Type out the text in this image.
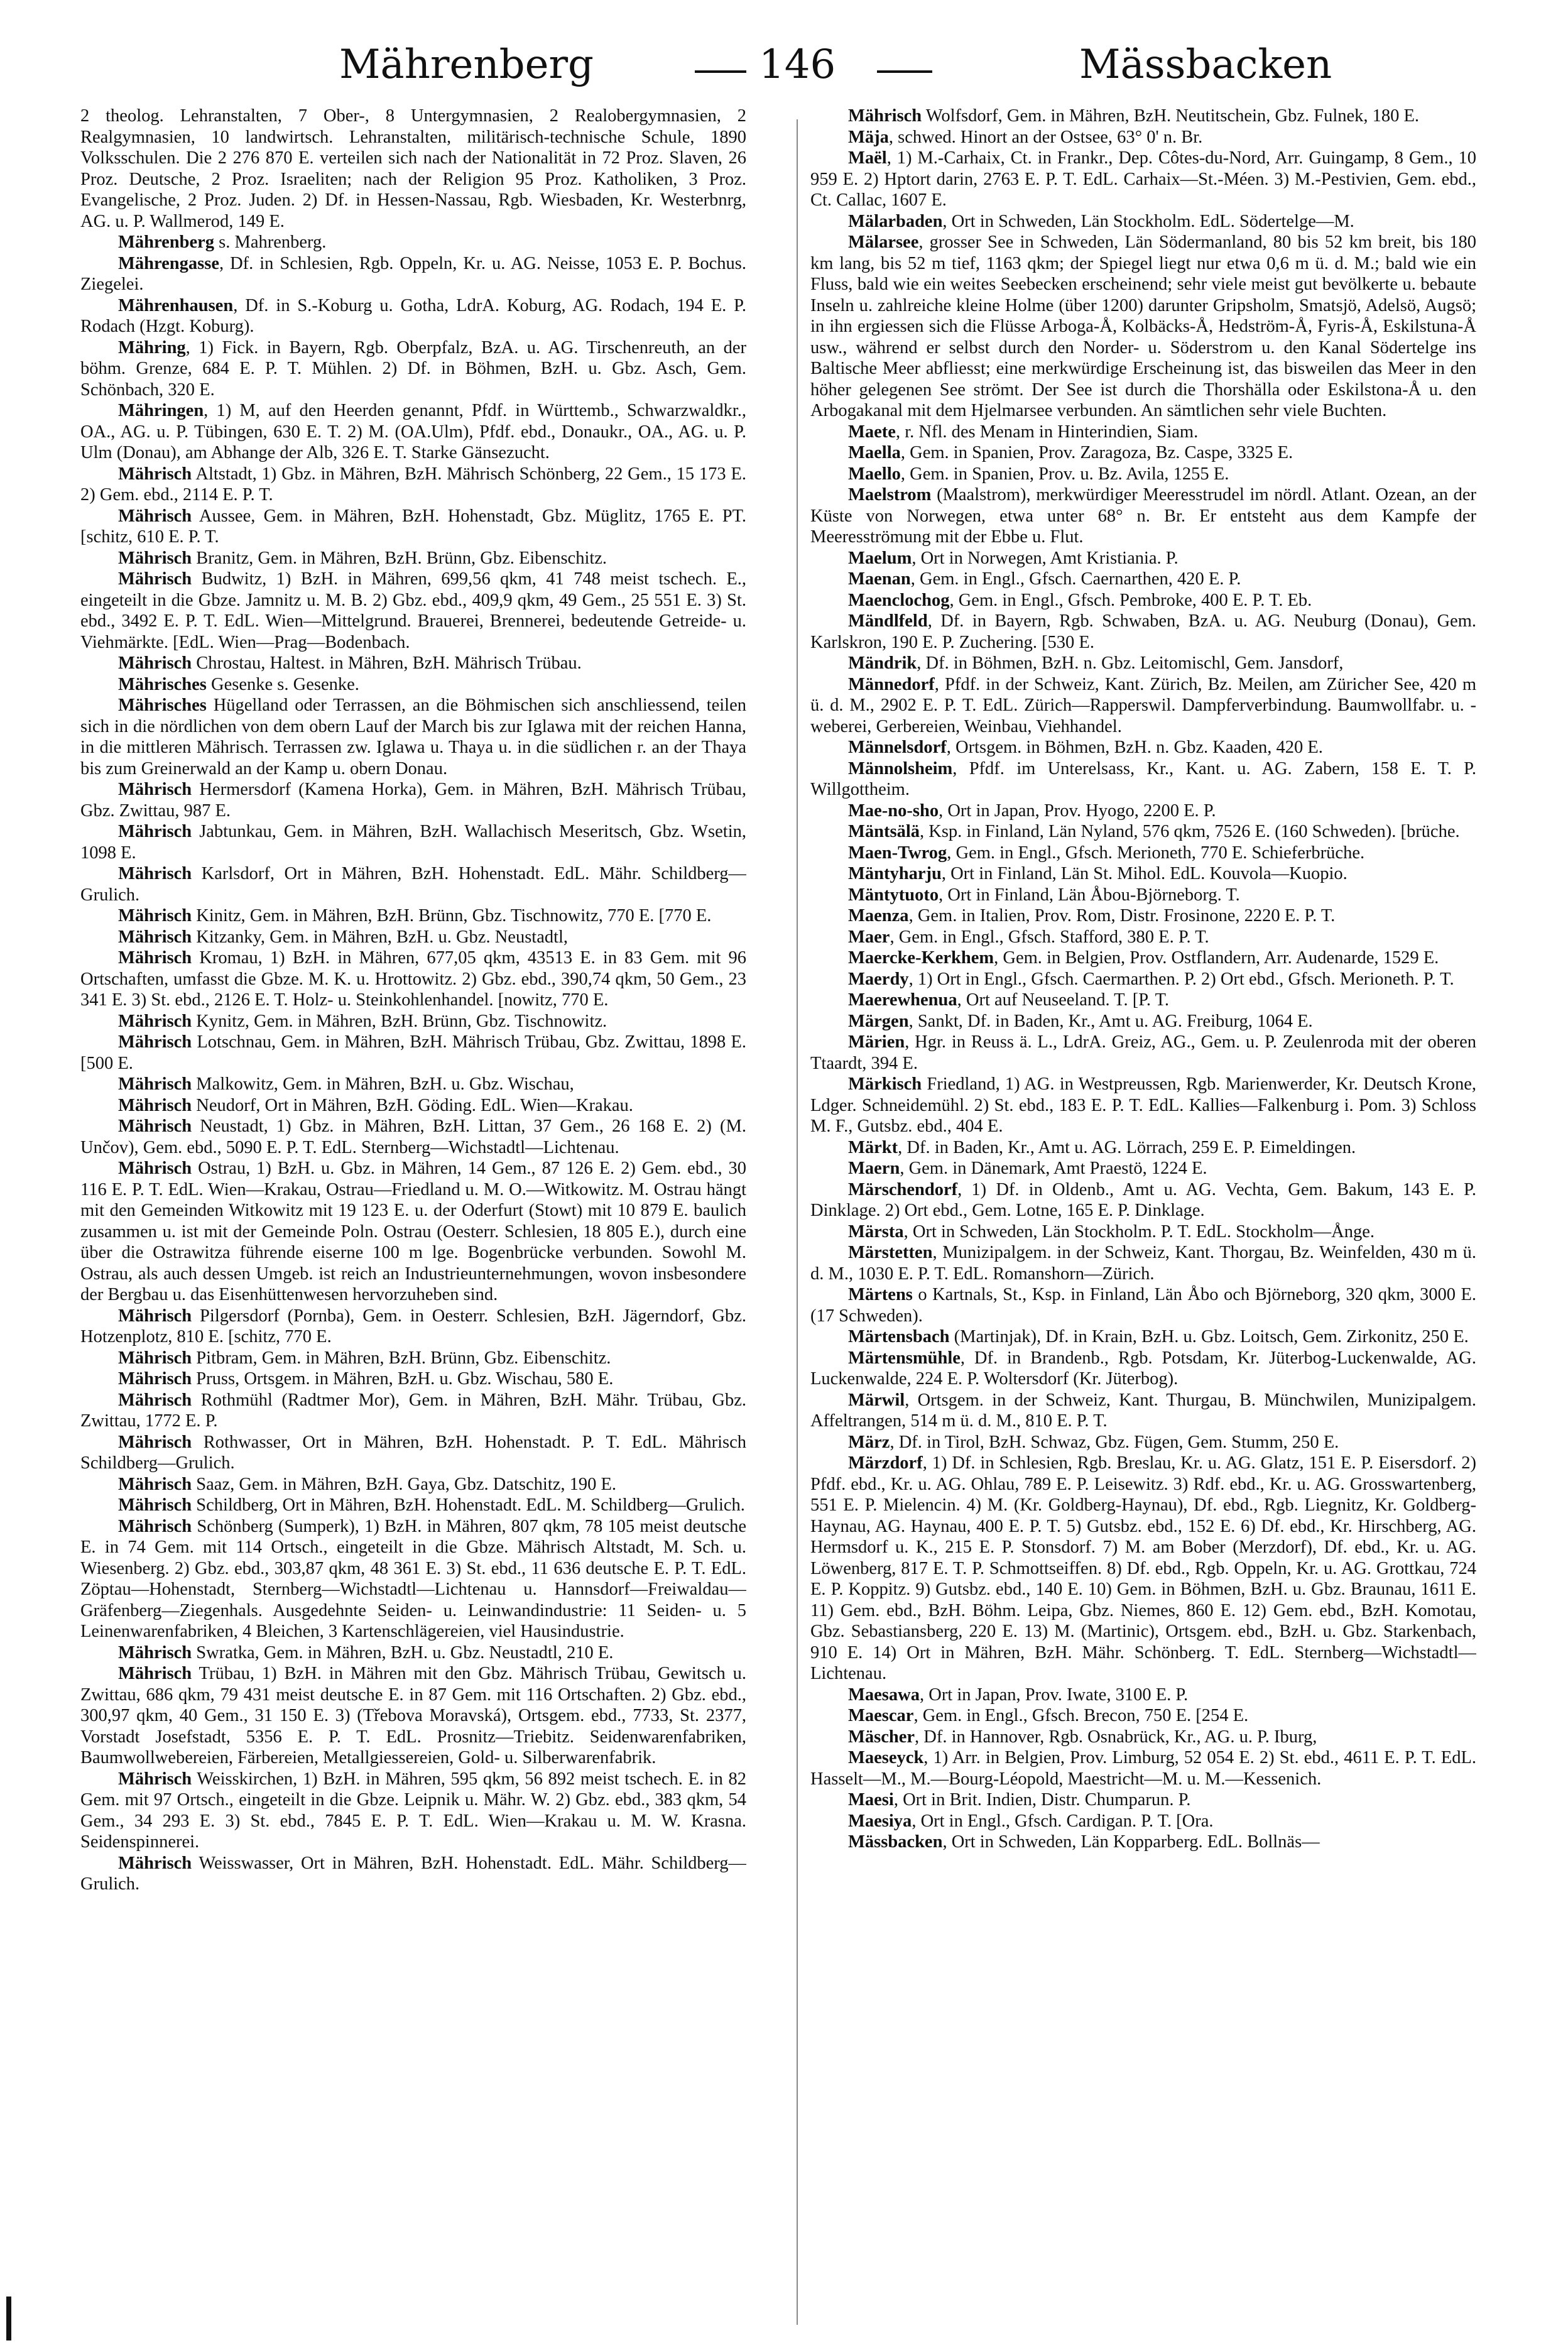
Mährenberg	146	Mässbacken

2 theolog. Lehranstalten, 7 Ober-, 8 Untergymnasien, 2 Realobergymnasien, 2 Realgymnasien, 10 landwirtsch. Lehranstalten, militärisch-technische Schule, 1890 Volksschulen. Die 2 276 870 E. verteilen sich nach der Nationalität in 72 Proz. Slaven, 26 Proz. Deutsche, 2 Proz. Israeliten; nach der Religion 95 Proz. Katholiken, 3 Proz. Evangelische, 2 Proz. Juden. 2) Df. in Hessen-Nassau, Rgb. Wiesbaden, Kr. Westerbnrg, AG. u. P. Wallmerod, 149 E.

Mährenberg s. Mahrenberg.

Mährengasse, Df. in Schlesien, Rgb. Oppeln, Kr. u. AG. Neisse, 1053 E. P. Bochus. Ziegelei.

Mährenhausen, Df. in S.-Koburg u. Gotha, LdrA. Koburg, AG. Rodach, 194 E. P. Rodach (Hzgt. Koburg).

Mähring, 1) Fick. in Bayern, Rgb. Oberpfalz, BzA. u. AG. Tirschenreuth, an der böhm. Grenze, 684 E. P. T. Mühlen. 2) Df. in Böhmen, BzH. u. Gbz. Asch, Gem. Schönbach, 320 E.

Mähringen, 1) M, auf den Heerden genannt, Pfdf. in Württemb., Schwarzwaldkr., OA., AG. u. P. Tübingen, 630 E. T. 2) M. (OA.Ulm), Pfdf. ebd., Donaukr., OA., AG. u. P. Ulm (Donau), am Abhange der Alb, 326 E. T. Starke Gänsezucht.

Mährisch Altstadt, 1) Gbz. in Mähren, BzH. Mährisch Schönberg, 22 Gem., 15 173 E. 2) Gem. ebd., 2114 E. P. T.

Mährisch Aussee, Gem. in Mähren, BzH. Hohenstadt, Gbz. Müglitz, 1765 E. PT. [schitz, 610 E. P. T.

Mährisch Branitz, Gem. in Mähren, BzH. Brünn, Gbz. Eibenschitz.

Mährisch Budwitz, 1) BzH. in Mähren, 699,56 qkm, 41 748 meist tschech. E., eingeteilt in die Gbze. Jamnitz u. M. B. 2) Gbz. ebd., 409,9 qkm, 49 Gem., 25 551 E. 3) St. ebd., 3492 E. P. T. EdL. Wien—Mittelgrund. Brauerei, Brennerei, bedeutende Getreide- u. Viehmärkte. [EdL. Wien—Prag—Bodenbach.

Mährisch Chrostau, Haltest. in Mähren, BzH. Mährisch Trübau.

Mährisches Gesenke s. Gesenke.

Mährisches Hügelland oder Terrassen, an die Böhmischen sich anschliessend, teilen sich in die nördlichen von dem obern Lauf der March bis zur Iglawa mit der reichen Hanna, in die mittleren Mährisch. Terrassen zw. Iglawa u. Thaya u. in die südlichen r. an der Thaya bis zum Greinerwald an der Kamp u. obern Donau.

Mährisch Hermersdorf (Kamena Horka), Gem. in Mähren, BzH. Mährisch Trübau, Gbz. Zwittau, 987 E.

Mährisch Jabtunkau, Gem. in Mähren, BzH. Wallachisch Meseritsch, Gbz. Wsetin, 1098 E.

Mährisch Karlsdorf, Ort in Mähren, BzH. Hohenstadt. EdL. Mähr. Schildberg—Grulich.

Mährisch Kinitz, Gem. in Mähren, BzH. Brünn, Gbz. Tischnowitz, 770 E. [770 E.

Mährisch Kitzanky, Gem. in Mähren, BzH. u. Gbz. Neustadtl,

Mährisch Kromau, 1) BzH. in Mähren, 677,05 qkm, 43513 E. in 83 Gem. mit 96 Ortschaften, umfasst die Gbze. M. K. u. Hrottowitz. 2) Gbz. ebd., 390,74 qkm, 50 Gem., 23 341 E. 3) St. ebd., 2126 E. T. Holz- u. Steinkohlenhandel. [nowitz, 770 E.

Mährisch Kynitz, Gem. in Mähren, BzH. Brünn, Gbz. Tischnowitz.

Mährisch Lotschnau, Gem. in Mähren, BzH. Mährisch Trübau, Gbz. Zwittau, 1898 E. [500 E.

Mährisch Malkowitz, Gem. in Mähren, BzH. u. Gbz. Wischau,

Mährisch Neudorf, Ort in Mähren, BzH. Göding. EdL. Wien—Krakau.

Mährisch Neustadt, 1) Gbz. in Mähren, BzH. Littan, 37 Gem., 26 168 E. 2) (M. Unčov), Gem. ebd., 5090 E. P. T. EdL. Sternberg—Wichstadtl—Lichtenau.

Mährisch Ostrau, 1) BzH. u. Gbz. in Mähren, 14 Gem., 87 126 E. 2) Gem. ebd., 30 116 E. P. T. EdL. Wien—Krakau, Ostrau—Friedland u. M. O.—Witkowitz. M. Ostrau hängt mit den Gemeinden Witkowitz mit 19 123 E. u. der Oderfurt (Stowt) mit 10 879 E. baulich zusammen u. ist mit der Gemeinde Poln. Ostrau (Oesterr. Schlesien, 18 805 E.), durch eine über die Ostrawitza führende eiserne 100 m lge. Bogenbrücke verbunden. Sowohl M. Ostrau, als auch dessen Umgeb. ist reich an Industrieunternehmungen, wovon insbesondere der Bergbau u. das Eisenhüttenwesen hervorzuheben sind.

Mährisch Pilgersdorf (Pornba), Gem. in Oesterr. Schlesien, BzH. Jägerndorf, Gbz. Hotzenplotz, 810 E. [schitz, 770 E.

Mährisch Pitbram, Gem. in Mähren, BzH. Brünn, Gbz. Eibenschitz.

Mährisch Pruss, Ortsgem. in Mähren, BzH. u. Gbz. Wischau, 580 E.

Mährisch Rothmühl (Radtmer Mor), Gem. in Mähren, BzH. Mähr. Trübau, Gbz. Zwittau, 1772 E. P.

Mährisch Rothwasser, Ort in Mähren, BzH. Hohenstadt. P. T. EdL. Mährisch Schildberg—Grulich.

Mährisch Saaz, Gem. in Mähren, BzH. Gaya, Gbz. Datschitz, 190 E.

Mährisch Schildberg, Ort in Mähren, BzH. Hohenstadt. EdL. M. Schildberg—Grulich.

Mährisch Schönberg (Sumperk), 1) BzH. in Mähren, 807 qkm, 78 105 meist deutsche E. in 74 Gem. mit 114 Ortsch., eingeteilt in die Gbze. Mährisch Altstadt, M. Sch. u. Wiesenberg. 2) Gbz. ebd., 303,87 qkm, 48 361 E. 3) St. ebd., 11 636 deutsche E. P. T. EdL. Zöptau—Hohenstadt, Sternberg—Wichstadtl—Lichtenau u. Hannsdorf—Freiwaldau—Gräfenberg—Ziegenhals. Ausgedehnte Seiden- u. Leinwandindustrie: 11 Seiden- u. 5 Leinenwarenfabriken, 4 Bleichen, 3 Kartenschlägereien, viel Hausindustrie.

Mährisch Swratka, Gem. in Mähren, BzH. u. Gbz. Neustadtl, 210 E.

Mährisch Trübau, 1) BzH. in Mähren mit den Gbz. Mährisch Trübau, Gewitsch u. Zwittau, 686 qkm, 79 431 meist deutsche E. in 87 Gem. mit 116 Ortschaften. 2) Gbz. ebd., 300,97 qkm, 40 Gem., 31 150 E. 3) (Třebova Moravská), Ortsgem. ebd., 7733, St. 2377, Vorstadt Josefstadt, 5356 E. P. T. EdL. Prosnitz—Triebitz. Seidenwarenfabriken, Baumwollwebereien, Färbereien, Metallgiessereien, Gold- u. Silberwarenfabrik.

Mährisch Weisskirchen, 1) BzH. in Mähren, 595 qkm, 56 892 meist tschech. E. in 82 Gem. mit 97 Ortsch., eingeteilt in die Gbze. Leipnik u. Mähr. W. 2) Gbz. ebd., 383 qkm, 54 Gem., 34 293 E. 3) St. ebd., 7845 E. P. T. EdL. Wien—Krakau u. M. W. Krasna. Seidenspinnerei.

Mährisch Weisswasser, Ort in Mähren, BzH. Hohenstadt. EdL. Mähr. Schildberg—Grulich.

Mährisch Wolfsdorf, Gem. in Mähren, BzH. Neutitschein, Gbz. Fulnek, 180 E.

Mäja, schwed. Hinort an der Ostsee, 63° 0' n. Br.

Maël, 1) M.-Carhaix, Ct. in Frankr., Dep. Côtes-du-Nord, Arr. Guingamp, 8 Gem., 10 959 E. 2) Hptort darin, 2763 E. P. T. EdL. Carhaix—St.-Méen. 3) M.-Pestivien, Gem. ebd., Ct. Callac, 1607 E.

Mälarbaden, Ort in Schweden, Län Stockholm. EdL. Södertelge—M.

Mälarsee, grosser See in Schweden, Län Södermanland, 80 bis 52 km breit, bis 180 km lang, bis 52 m tief, 1163 qkm; der Spiegel liegt nur etwa 0,6 m ü. d. M.; bald wie ein Fluss, bald wie ein weites Seebecken erscheinend; sehr viele meist gut bevölkerte u. bebaute Inseln u. zahlreiche kleine Holme (über 1200) darunter Gripsholm, Smatsjö, Adelsö, Augsö; in ihn ergiessen sich die Flüsse Arboga-Å, Kolbäcks-Å, Hedström-Å, Fyris-Å, Eskilstuna-Å usw., während er selbst durch den Norder- u. Söderstrom u. den Kanal Södertelge ins Baltische Meer abfliesst; eine merkwürdige Erscheinung ist, das bisweilen das Meer in den höher gelegenen See strömt. Der See ist durch die Thorshälla oder Eskilstona-Å u. den Arbogakanal mit dem Hjelmarsee verbunden. An sämtlichen sehr viele Buchten.

Maete, r. Nfl. des Menam in Hinterindien, Siam.

Maella, Gem. in Spanien, Prov. Zaragoza, Bz. Caspe, 3325 E.

Maello, Gem. in Spanien, Prov. u. Bz. Avila, 1255 E.

Maelstrom (Maalstrom), merkwürdiger Meeresstrudel im nördl. Atlant. Ozean, an der Küste von Norwegen, etwa unter 68° n. Br. Er entsteht aus dem Kampfe der Meeresströmung mit der Ebbe u. Flut.

Maelum, Ort in Norwegen, Amt Kristiania. P.

Maenan, Gem. in Engl., Gfsch. Caernarthen, 420 E. P.

Maenclochog, Gem. in Engl., Gfsch. Pembroke, 400 E. P. T. Eb.

Mändlfeld, Df. in Bayern, Rgb. Schwaben, BzA. u. AG. Neuburg (Donau), Gem. Karlskron, 190 E. P. Zuchering. [530 E.

Mändrik, Df. in Böhmen, BzH. n. Gbz. Leitomischl, Gem. Jansdorf,

Männedorf, Pfdf. in der Schweiz, Kant. Zürich, Bz. Meilen, am Züricher See, 420 m ü. d. M., 2902 E. P. T. EdL. Zürich—Rapperswil. Dampferverbindung. Baumwollfabr. u. -weberei, Gerbereien, Weinbau, Viehhandel.

Männelsdorf, Ortsgem. in Böhmen, BzH. n. Gbz. Kaaden, 420 E.

Männolsheim, Pfdf. im Unterelsass, Kr., Kant. u. AG. Zabern, 158 E. T. P. Willgottheim.

Mae-no-sho, Ort in Japan, Prov. Hyogo, 2200 E. P.

Mäntsälä, Ksp. in Finland, Län Nyland, 576 qkm, 7526 E. (160 Schweden). [brüche.

Maen-Twrog, Gem. in Engl., Gfsch. Merioneth, 770 E. Schieferbrüche.

Mäntyharju, Ort in Finland, Län St. Mihol. EdL. Kouvola—Kuopio.

Mäntytuoto, Ort in Finland, Län Åbou-Björneborg. T.

Maenza, Gem. in Italien, Prov. Rom, Distr. Frosinone, 2220 E. P. T.

Maer, Gem. in Engl., Gfsch. Stafford, 380 E. P. T.

Maercke-Kerkhem, Gem. in Belgien, Prov. Ostflandern, Arr. Audenarde, 1529 E.

Maerdy, 1) Ort in Engl., Gfsch. Caermarthen. P. 2) Ort ebd., Gfsch. Merioneth. P. T.

Maerewhenua, Ort auf Neuseeland. T. [P. T.

Märgen, Sankt, Df. in Baden, Kr., Amt u. AG. Freiburg, 1064 E.

Märien, Hgr. in Reuss ä. L., LdrA. Greiz, AG., Gem. u. P. Zeulenroda mit der oberen Ttaardt, 394 E.

Märkisch Friedland, 1) AG. in Westpreussen, Rgb. Marienwerder, Kr. Deutsch Krone, Ldger. Schneidemühl. 2) St. ebd., 183 E. P. T. EdL. Kallies—Falkenburg i. Pom. 3) Schloss M. F., Gutsbz. ebd., 404 E.

Märkt, Df. in Baden, Kr., Amt u. AG. Lörrach, 259 E. P. Eimeldingen.

Maern, Gem. in Dänemark, Amt Praestö, 1224 E.

Märschendorf, 1) Df. in Oldenb., Amt u. AG. Vechta, Gem. Bakum, 143 E. P. Dinklage. 2) Ort ebd., Gem. Lotne, 165 E. P. Dinklage.

Märsta, Ort in Schweden, Län Stockholm. P. T. EdL. Stockholm—Ånge.

Märstetten, Munizipalgem. in der Schweiz, Kant. Thorgau, Bz. Weinfelden, 430 m ü. d. M., 1030 E. P. T. EdL. Romanshorn—Zürich.

Märtens o Kartnals, St., Ksp. in Finland, Län Åbo och Björneborg, 320 qkm, 3000 E. (17 Schweden).

Märtensbach (Martinjak), Df. in Krain, BzH. u. Gbz. Loitsch, Gem. Zirkonitz, 250 E.

Märtensmühle, Df. in Brandenb., Rgb. Potsdam, Kr. Jüterbog-Luckenwalde, AG. Luckenwalde, 224 E. P. Woltersdorf (Kr. Jüterbog).

Märwil, Ortsgem. in der Schweiz, Kant. Thurgau, B. Münchwilen, Munizipalgem. Affeltrangen, 514 m ü. d. M., 810 E. P. T.

März, Df. in Tirol, BzH. Schwaz, Gbz. Fügen, Gem. Stumm, 250 E.

Märzdorf, 1) Df. in Schlesien, Rgb. Breslau, Kr. u. AG. Glatz, 151 E. P. Eisersdorf. 2) Pfdf. ebd., Kr. u. AG. Ohlau, 789 E. P. Leisewitz. 3) Rdf. ebd., Kr. u. AG. Grosswartenberg, 551 E. P. Mielencin. 4) M. (Kr. Goldberg-Haynau), Df. ebd., Rgb. Liegnitz, Kr. Goldberg-Haynau, AG. Haynau, 400 E. P. T. 5) Gutsbz. ebd., 152 E. 6) Df. ebd., Kr. Hirschberg, AG. Hermsdorf u. K., 215 E. P. Stonsdorf. 7) M. am Bober (Merzdorf), Df. ebd., Kr. u. AG. Löwenberg, 817 E. T. P. Schmottseiffen. 8) Df. ebd., Rgb. Oppeln, Kr. u. AG. Grottkau, 724 E. P. Koppitz. 9) Gutsbz. ebd., 140 E. 10) Gem. in Böhmen, BzH. u. Gbz. Braunau, 1611 E. 11) Gem. ebd., BzH. Böhm. Leipa, Gbz. Niemes, 860 E. 12) Gem. ebd., BzH. Komotau, Gbz. Sebastiansberg, 220 E. 13) M. (Martinic), Ortsgem. ebd., BzH. u. Gbz. Starkenbach, 910 E. 14) Ort in Mähren, BzH. Mähr. Schönberg. T. EdL. Sternberg—Wichstadtl—Lichtenau.

Maesawa, Ort in Japan, Prov. Iwate, 3100 E. P.

Maescar, Gem. in Engl., Gfsch. Brecon, 750 E. [254 E.

Mäscher, Df. in Hannover, Rgb. Osnabrück, Kr., AG. u. P. Iburg,

Maeseyck, 1) Arr. in Belgien, Prov. Limburg, 52 054 E. 2) St. ebd., 4611 E. P. T. EdL. Hasselt—M., M.—Bourg-Léopold, Maestricht—M. u. M.—Kessenich.

Maesi, Ort in Brit. Indien, Distr. Chumparun. P.

Maesiya, Ort in Engl., Gfsch. Cardigan. P. T. [Ora.

Mässbacken, Ort in Schweden, Län Kopparberg. EdL. Bollnäs—
